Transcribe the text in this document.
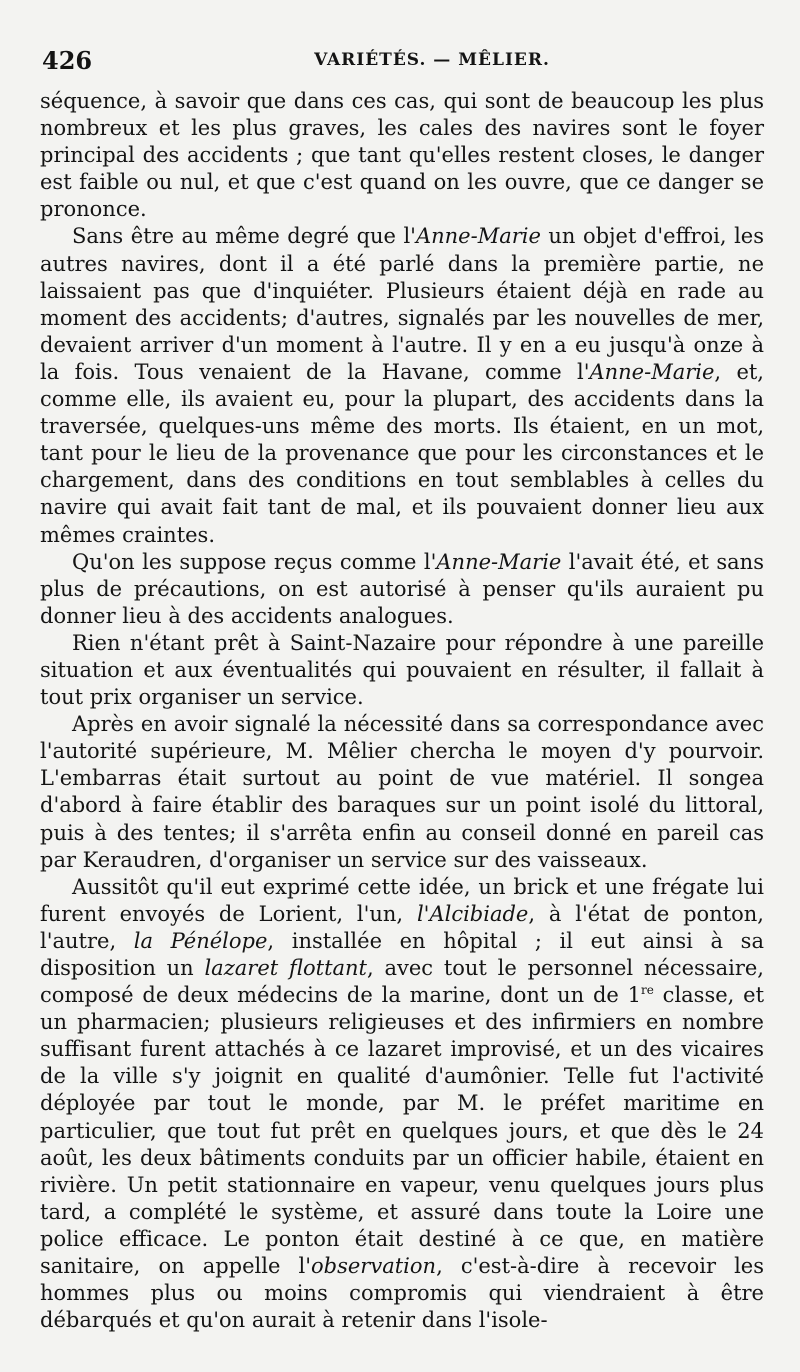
426	VARIÉTÉS. — MÊLIER.

séquence, à savoir que dans ces cas, qui sont de beaucoup les plus nombreux et les plus graves, les cales des navires sont le foyer principal des accidents ; que tant qu'elles restent closes, le danger est faible ou nul, et que c'est quand on les ouvre, que ce danger se prononce.

Sans être au même degré que l'Anne-Marie un objet d'effroi, les autres navires, dont il a été parlé dans la première partie, ne laissaient pas que d'inquiéter. Plusieurs étaient déjà en rade au moment des accidents; d'autres, signalés par les nouvelles de mer, devaient arriver d'un moment à l'autre. Il y en a eu jusqu'à onze à la fois. Tous venaient de la Havane, comme l'Anne-Marie, et, comme elle, ils avaient eu, pour la plupart, des accidents dans la traversée, quelques-uns même des morts. Ils étaient, en un mot, tant pour le lieu de la provenance que pour les circonstances et le chargement, dans des conditions en tout semblables à celles du navire qui avait fait tant de mal, et ils pouvaient donner lieu aux mêmes craintes.

Qu'on les suppose reçus comme l'Anne-Marie l'avait été, et sans plus de précautions, on est autorisé à penser qu'ils auraient pu donner lieu à des accidents analogues.

Rien n'étant prêt à Saint-Nazaire pour répondre à une pareille situation et aux éventualités qui pouvaient en résulter, il fallait à tout prix organiser un service.

Après en avoir signalé la nécessité dans sa correspondance avec l'autorité supérieure, M. Mêlier chercha le moyen d'y pourvoir. L'embarras était surtout au point de vue matériel. Il songea d'abord à faire établir des baraques sur un point isolé du littoral, puis à des tentes; il s'arrêta enfin au conseil donné en pareil cas par Keraudren, d'organiser un service sur des vaisseaux.

Aussitôt qu'il eut exprimé cette idée, un brick et une frégate lui furent envoyés de Lorient, l'un, l'Alcibiade, à l'état de ponton, l'autre, la Pénélope, installée en hôpital ; il eut ainsi à sa disposition un lazaret flottant, avec tout le personnel nécessaire, composé de deux médecins de la marine, dont un de 1re classe, et un pharmacien; plusieurs religieuses et des infirmiers en nombre suffisant furent attachés à ce lazaret improvisé, et un des vicaires de la ville s'y joignit en qualité d'aumônier. Telle fut l'activité déployée par tout le monde, par M. le préfet maritime en particulier, que tout fut prêt en quelques jours, et que dès le 24 août, les deux bâtiments conduits par un officier habile, étaient en rivière. Un petit stationnaire en vapeur, venu quelques jours plus tard, a complété le système, et assuré dans toute la Loire une police efficace. Le ponton était destiné à ce que, en matière sanitaire, on appelle l'observation, c'est-à-dire à recevoir les hommes plus ou moins compromis qui viendraient à être débarqués et qu'on aurait à retenir dans l'isole-
